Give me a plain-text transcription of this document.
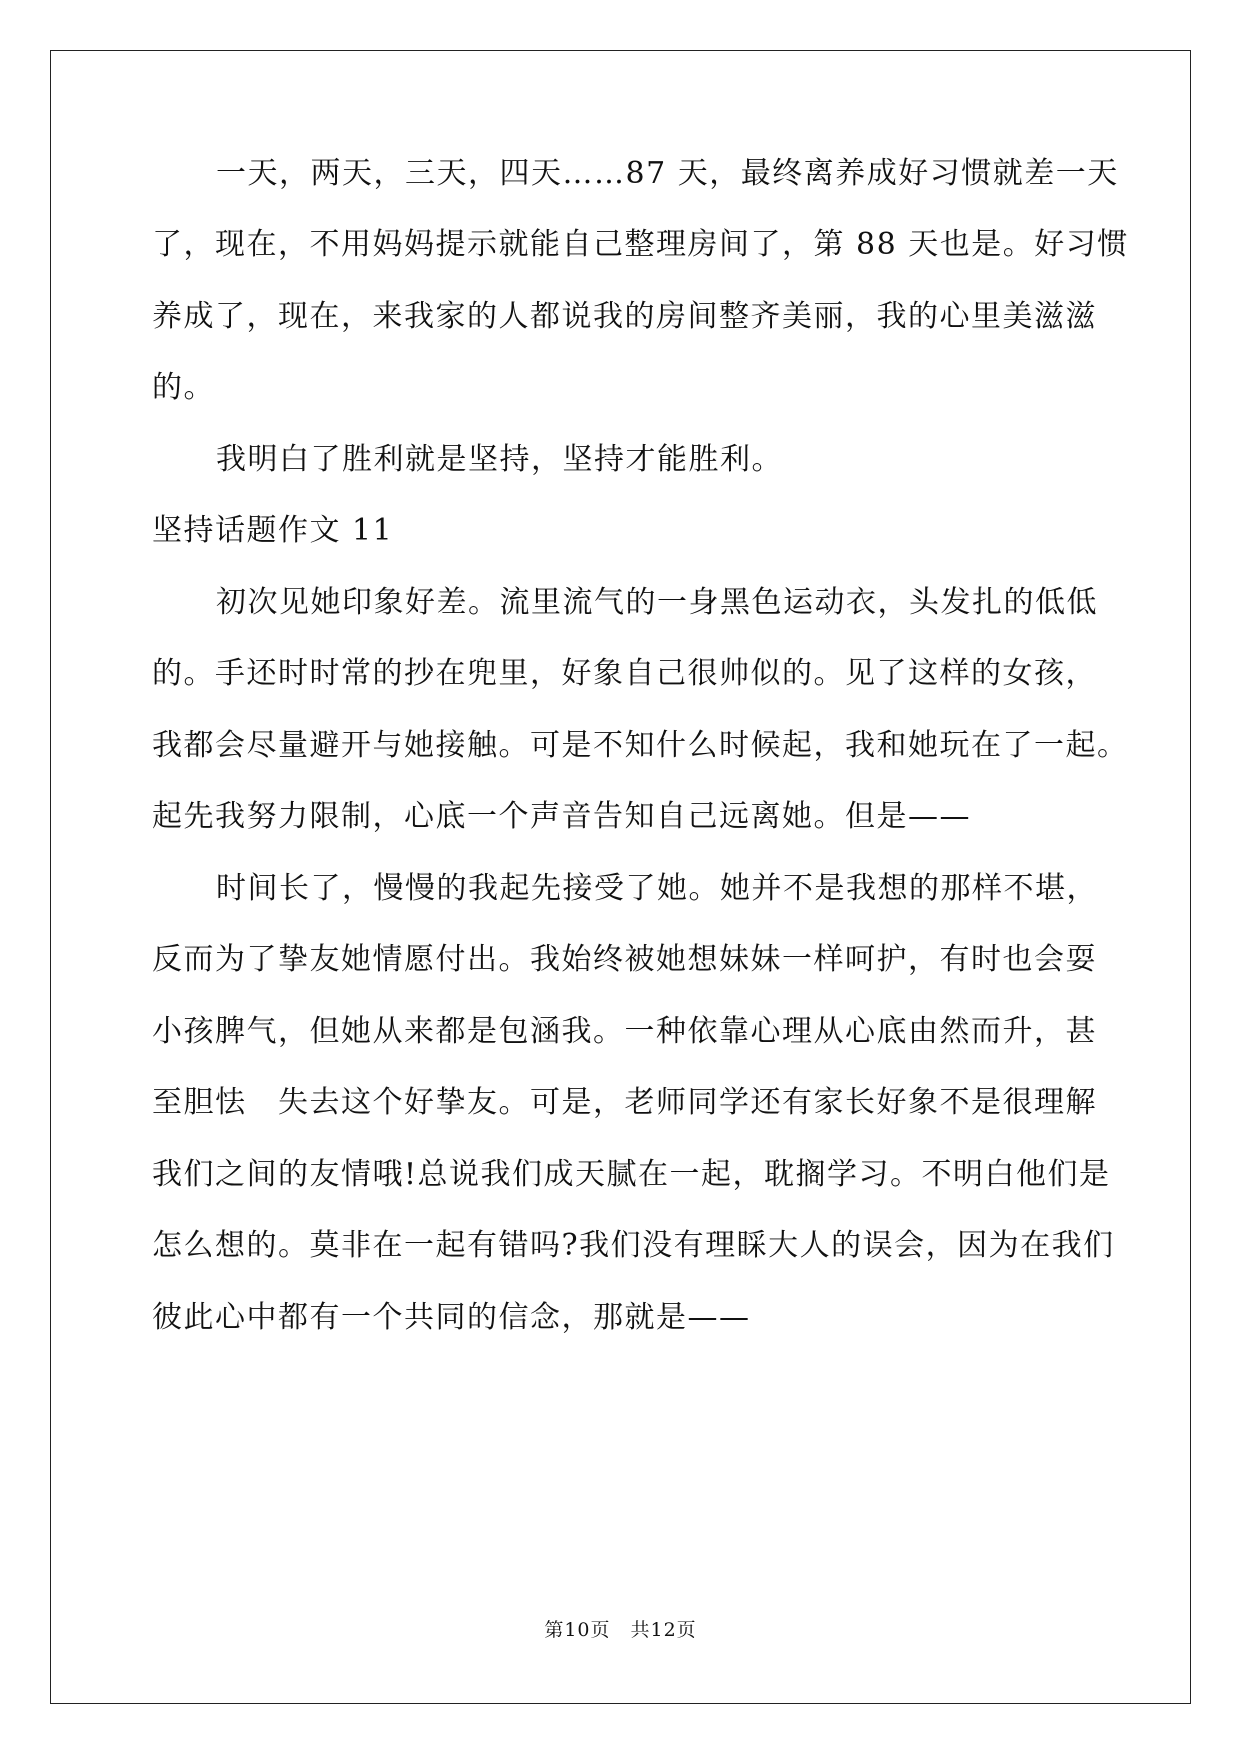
一天，两天，三天，四天……87 天，最终离养成好习惯就差一天
了，现在，不用妈妈提示就能自己整理房间了，第 88 天也是。好习惯
养成了，现在，来我家的人都说我的房间整齐美丽，我的心里美滋滋
的。
我明白了胜利就是坚持，坚持才能胜利。
坚持话题作文 11
初次见她印象好差。流里流气的一身黑色运动衣，头发扎的低低
的。手还时时常的抄在兜里，好象自己很帅似的。见了这样的女孩，
我都会尽量避开与她接触。可是不知什么时候起，我和她玩在了一起。
起先我努力限制，心底一个声音告知自己远离她。但是——
时间长了，慢慢的我起先接受了她。她并不是我想的那样不堪，
反而为了挚友她情愿付出。我始终被她想妹妹一样呵护，有时也会耍
小孩脾气，但她从来都是包涵我。一种依靠心理从心底由然而升，甚
至胆怯　失去这个好挚友。可是，老师同学还有家长好象不是很理解
我们之间的友情哦!总说我们成天腻在一起，耽搁学习。不明白他们是
怎么想的。莫非在一起有错吗?我们没有理睬大人的误会，因为在我们
彼此心中都有一个共同的信念，那就是——
第10页　共12页
